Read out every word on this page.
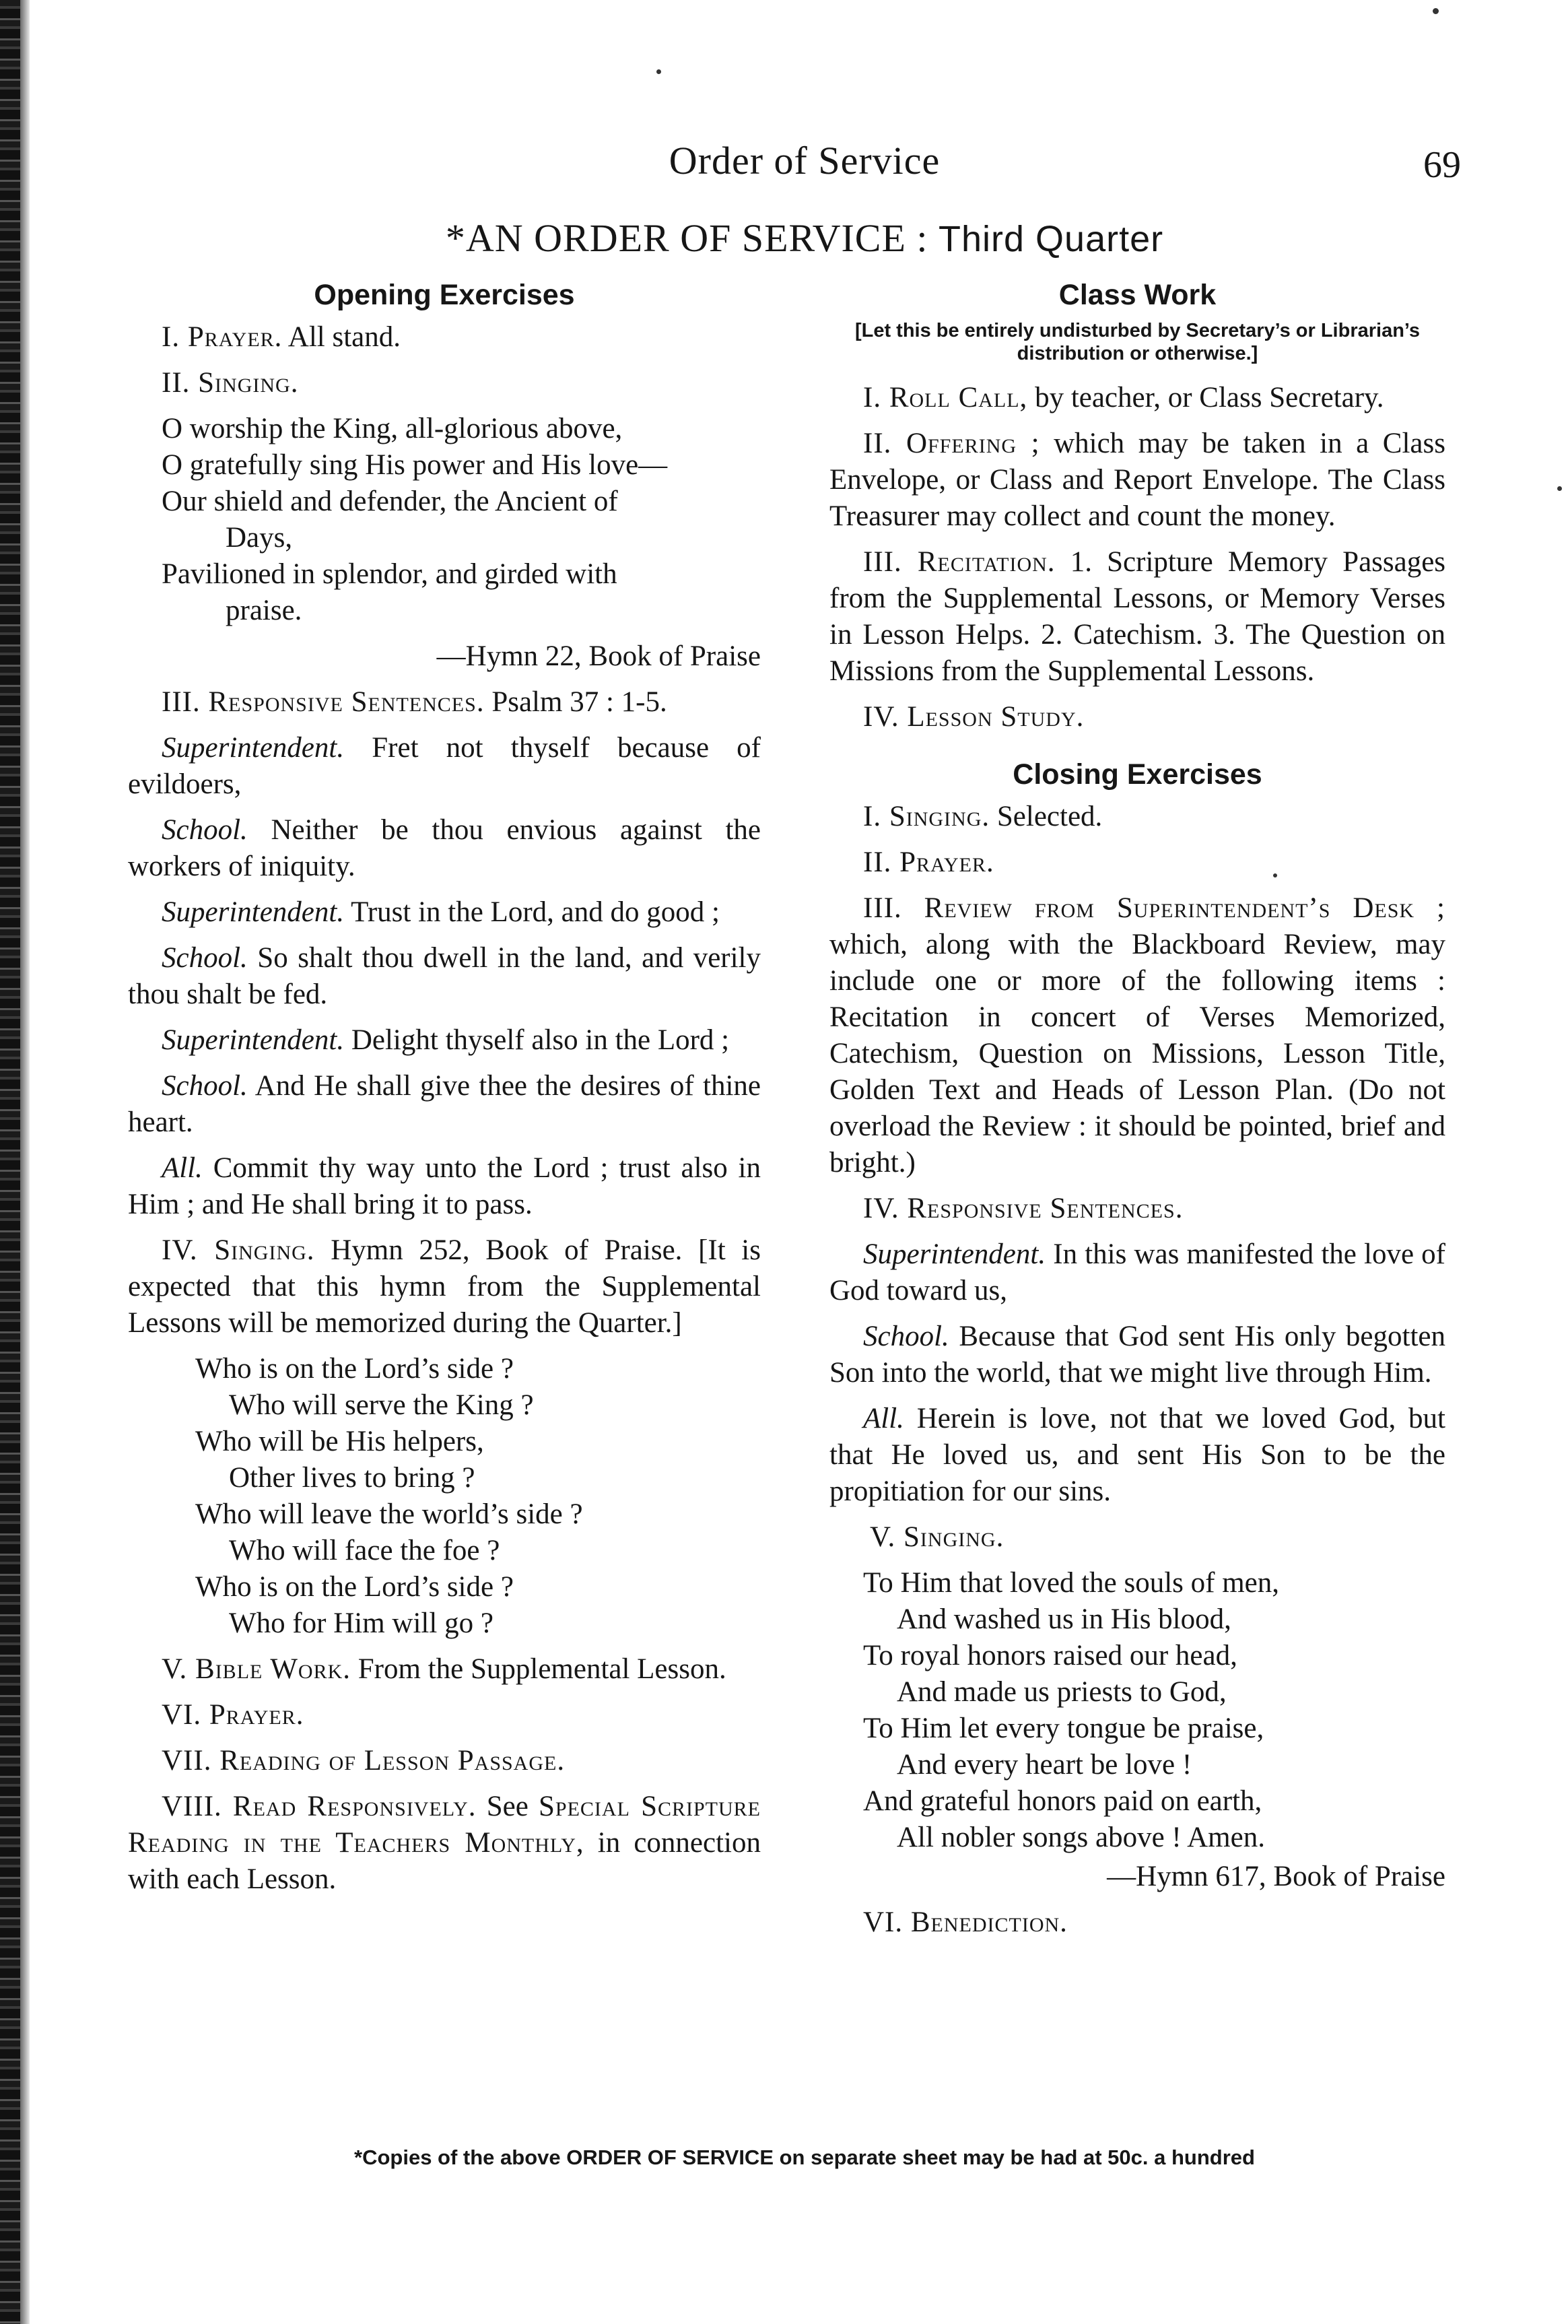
Order of Service	69
*AN ORDER OF SERVICE : Third Quarter
Opening Exercises

I. Prayer. All stand.

II. Singing.

O worship the King, all-glorious above,
O gratefully sing His power and His love—
Our shield and defender, the Ancient of
Days,
Pavilioned in splendor, and girded with
praise.
—Hymn 22, Book of Praise

III. Responsive Sentences. Psalm 37 : 1-5.

Superintendent. Fret not thyself because of evildoers,

School. Neither be thou envious against the workers of iniquity.

Superintendent. Trust in the Lord, and do good ;

School. So shalt thou dwell in the land, and verily thou shalt be fed.

Superintendent. Delight thyself also in the Lord ;

School. And He shall give thee the desires of thine heart.

All. Commit thy way unto the Lord ; trust also in Him ; and He shall bring it to pass.

IV. Singing. Hymn 252, Book of Praise. [It is expected that this hymn from the Supplemental Lessons will be memorized during the Quarter.]

Who is on the Lord’s side ?
Who will serve the King ?
Who will be His helpers,
Other lives to bring ?
Who will leave the world’s side ?
Who will face the foe ?
Who is on the Lord’s side ?
Who for Him will go ?

V. Bible Work. From the Supplemental Lesson.

VI. Prayer.

VII. Reading of Lesson Passage.

VIII. Read Responsively. See Special Scripture Reading in the Teachers Monthly, in connection with each Lesson.

Class Work
[Let this be entirely undisturbed by Secretary’s or Librarian’s distribution or otherwise.]

I. Roll Call, by teacher, or Class Secretary.

II. Offering ; which may be taken in a Class Envelope, or Class and Report Envelope. The Class Treasurer may collect and count the money.

III. Recitation. 1. Scripture Memory Passages from the Supplemental Lessons, or Memory Verses in Lesson Helps. 2. Catechism. 3. The Question on Missions from the Supplemental Lessons.

IV. Lesson Study.

Closing Exercises

I. Singing. Selected.

II. Prayer.

III. Review from Superintendent’s Desk ; which, along with the Blackboard Review, may include one or more of the following items : Recitation in concert of Verses Memorized, Catechism, Question on Missions, Lesson Title, Golden Text and Heads of Lesson Plan. (Do not overload the Review : it should be pointed, brief and bright.)

IV. Responsive Sentences.

Superintendent. In this was manifested the love of God toward us,

School. Because that God sent His only begotten Son into the world, that we might live through Him.

All. Herein is love, not that we loved God, but that He loved us, and sent His Son to be the propitiation for our sins.

V. Singing.

To Him that loved the souls of men,
And washed us in His blood,
To royal honors raised our head,
And made us priests to God,
To Him let every tongue be praise,
And every heart be love !
And grateful honors paid on earth,
All nobler songs above ! Amen.
—Hymn 617, Book of Praise

VI. Benediction.

*Copies of the above ORDER OF SERVICE on separate sheet may be had at 50c. a hundred
